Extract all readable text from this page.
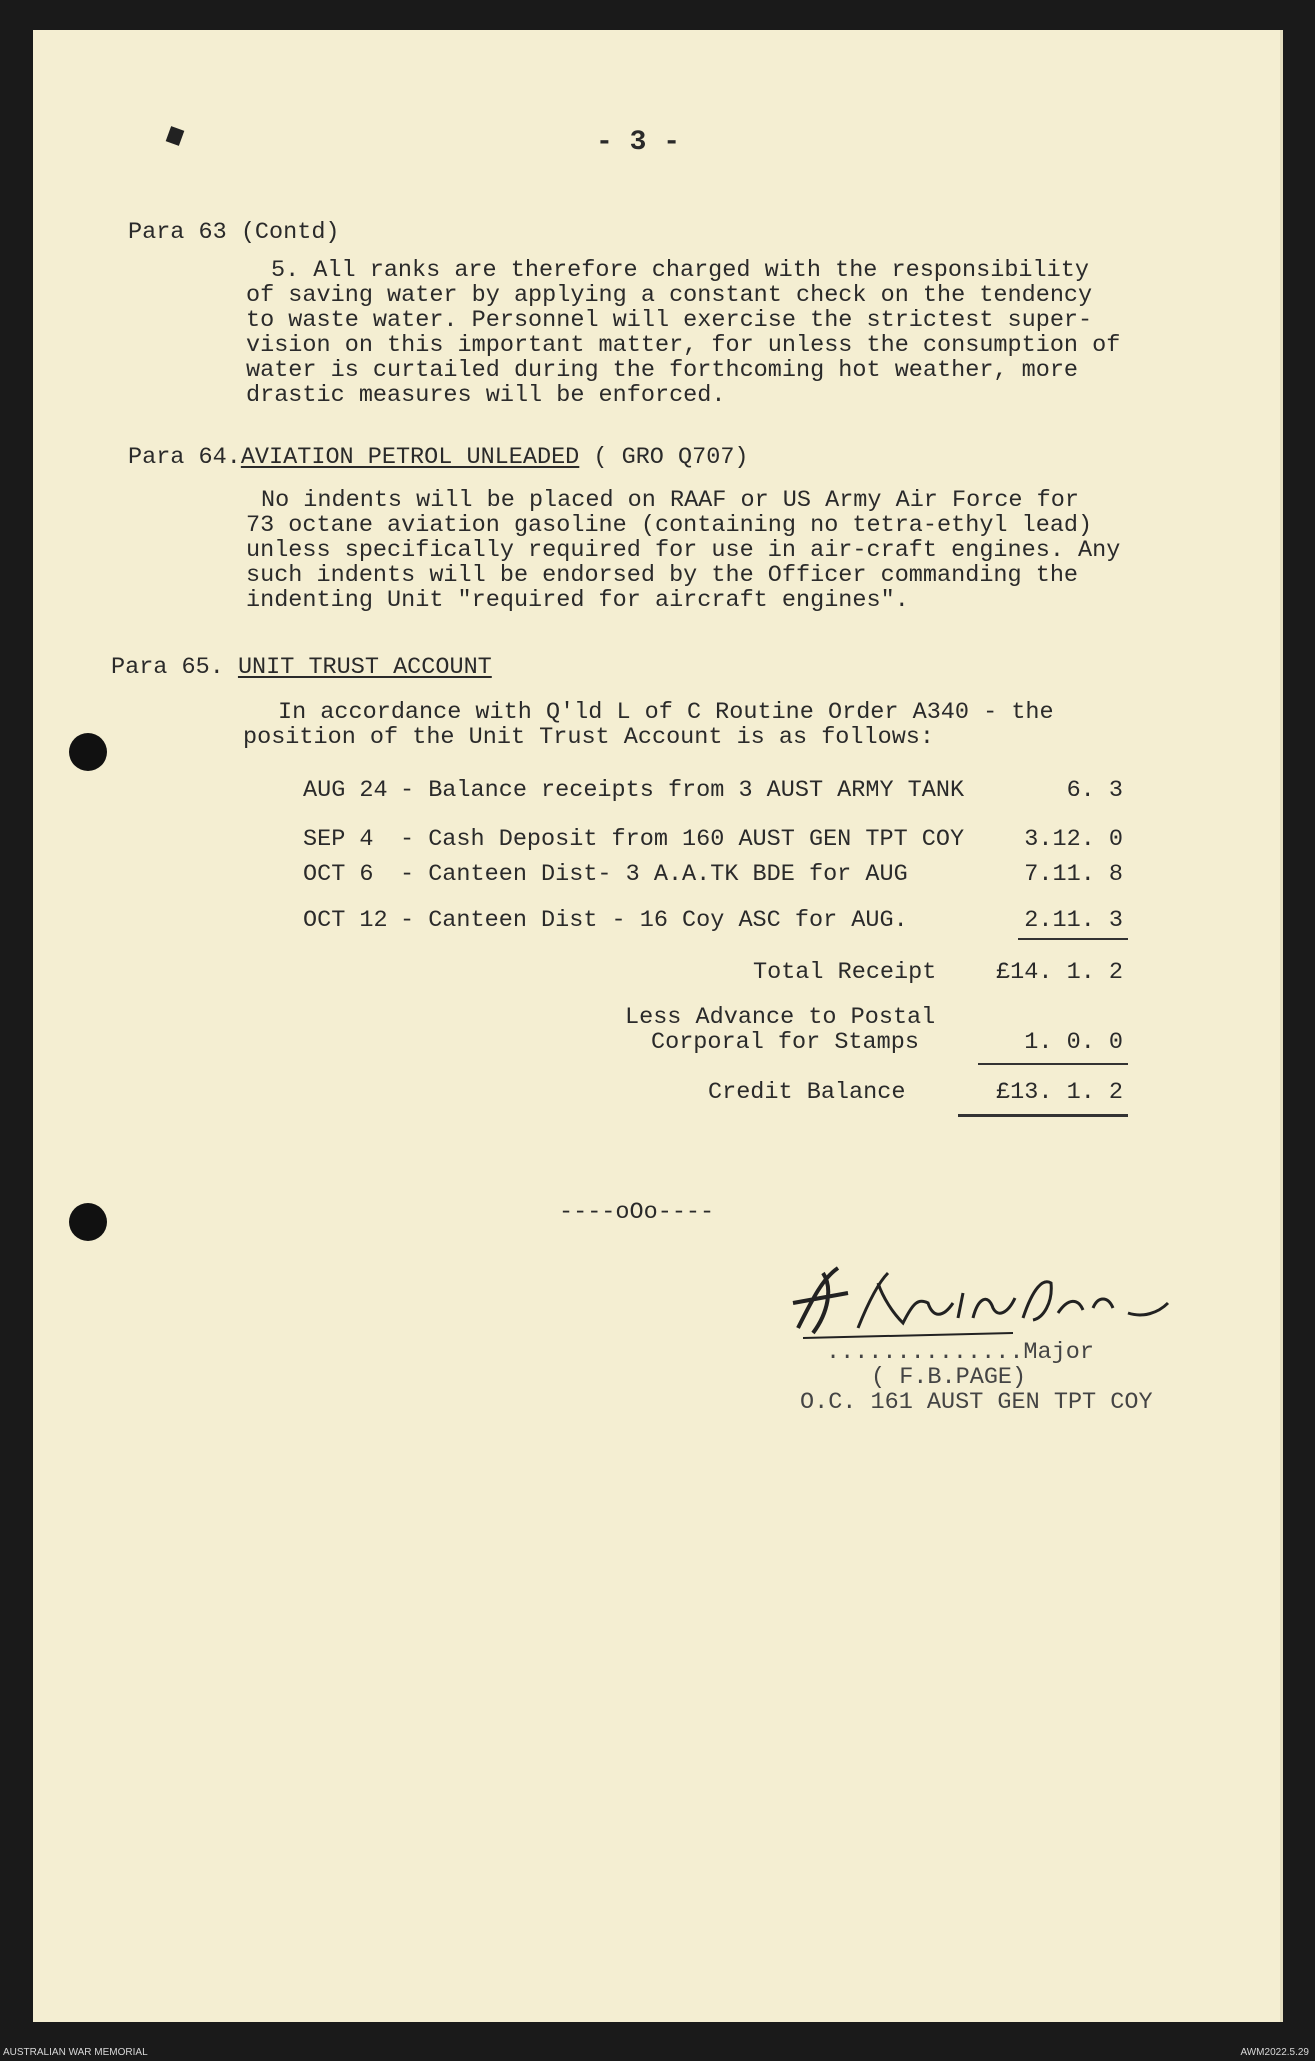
- 3 -
Para 63 (Contd)
5. All ranks are therefore charged with the responsibility
of saving water by applying a constant check on the tendency
to waste water. Personnel will exercise the strictest super-
vision on this important matter, for unless the consumption of
water is curtailed during the forthcoming hot weather, more
drastic measures will be enforced.
Para 64.AVIATION PETROL UNLEADED ( GRO Q707)
No indents will be placed on RAAF or US Army Air Force for
73 octane aviation gasoline (containing no tetra-ethyl lead)
unless specifically required for use in air-craft engines. Any
such indents will be endorsed by the Officer commanding the
indenting Unit "required for aircraft engines".
Para 65. UNIT TRUST ACCOUNT
In accordance with Q'ld L of C Routine Order A340 - the
position of the Unit Trust Account is as follows:
AUG 24 - Balance receipts from 3 AUST ARMY TANK	6. 3
SEP 4 - Cash Deposit from 160 AUST GEN TPT COY	3.12. 0
OCT 6 - Canteen Dist- 3 A.A.TK BDE for AUG	7.11. 8
OCT 12 - Canteen Dist - 16 Coy ASC for AUG.	2.11. 3
Total Receipt	£14. 1. 2
Less Advance to Postal
Corporal for Stamps	1. 0. 0
Credit Balance	£13. 1. 2
----oOo----
..............Major
( F.B.PAGE)
O.C. 161 AUST GEN TPT COY
AUSTRALIAN WAR MEMORIAL	AWM2022.5.29
